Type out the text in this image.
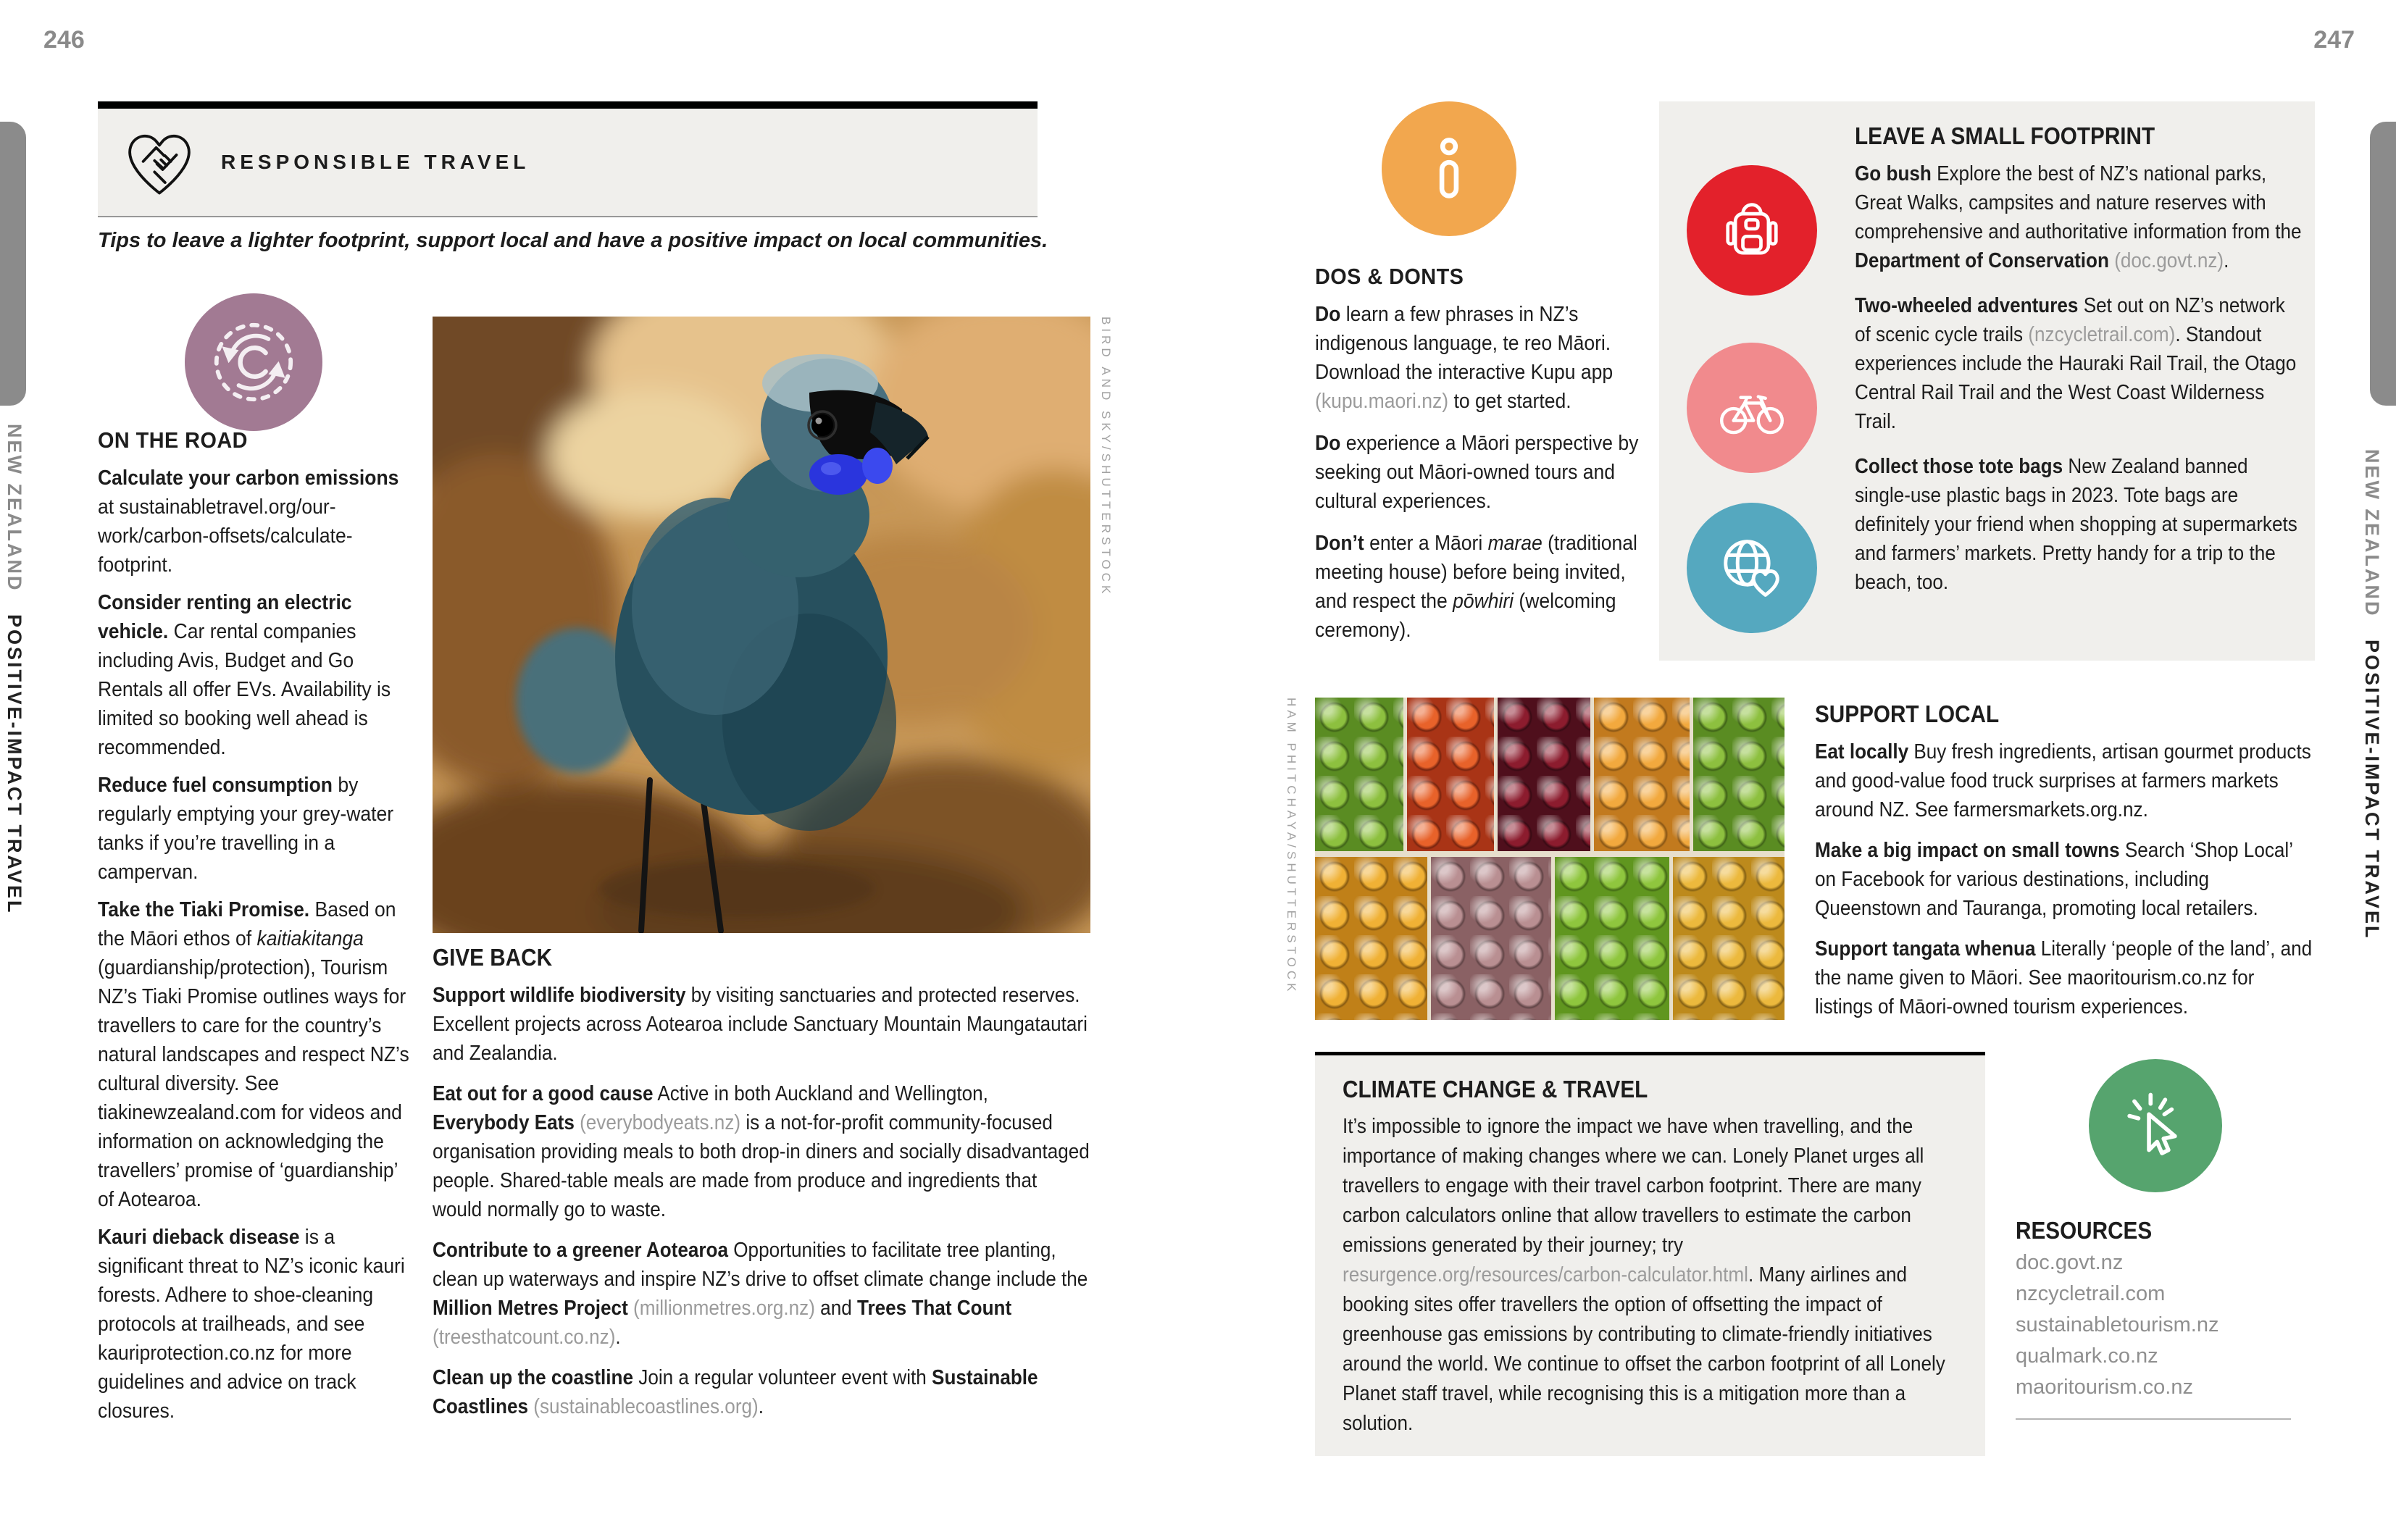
246	247
NEW ZEALAND POSITIVE-IMPACT TRAVEL
NEW ZEALAND POSITIVE-IMPACT TRAVEL
RESPONSIBLE TRAVEL
Tips to leave a lighter footprint, support local and have a positive impact on local communities.
ON THE ROAD

Calculate your carbon emissions at sustainabletravel.org/our-work/carbon-offsets/calculate-footprint.

Consider renting an electric vehicle. Car rental companies including Avis, Budget and Go Rentals all offer EVs. Availability is limited so booking well ahead is recommended.

Reduce fuel consumption by regularly emptying your grey-water tanks if you’re travelling in a campervan.

Take the Tiaki Promise. Based on the Māori ethos of kaitiakitanga (guardianship/protection), Tourism NZ’s Tiaki Promise outlines ways for travellers to care for the country’s natural landscapes and respect NZ’s cultural diversity. See tiakinewzealand.com for videos and information on acknowledging the travellers’ promise of ‘guardianship’ of Aotearoa.

Kauri dieback disease is a significant threat to NZ’s iconic kauri forests. Adhere to shoe-cleaning protocols at trailheads, and see kauriprotection.co.nz for more guidelines and advice on track closures.

BIRD AND SKY/SHUTTERSTOCK
GIVE BACK

Support wildlife biodiversity by visiting sanctuaries and protected reserves. Excellent projects across Aotearoa include Sanctuary Mountain Maungatautari and Zealandia.

Eat out for a good cause Active in both Auckland and Wellington, Everybody Eats (everybodyeats.nz) is a not-for-profit community-focused organisation providing meals to both drop-in diners and socially disadvantaged people. Shared-table meals are made from produce and ingredients that would normally go to waste.

Contribute to a greener Aotearoa Opportunities to facilitate tree planting, clean up waterways and inspire NZ’s drive to offset climate change include the Million Metres Project (millionmetres.org.nz) and Trees That Count (treesthatcount.co.nz).

Clean up the coastline Join a regular volunteer event with Sustainable Coastlines (sustainablecoastlines.org).

DOS & DONTS

Do learn a few phrases in NZ’s indigenous language, te reo Māori. Download the interactive Kupu app (kupu.maori.nz) to get started.

Do experience a Māori perspective by seeking out Māori-owned tours and cultural experiences.

Don’t enter a Māori marae (traditional meeting house) before being invited, and respect the pōwhiri (welcoming ceremony).

LEAVE A SMALL FOOTPRINT

Go bush Explore the best of NZ’s national parks, Great Walks, campsites and nature reserves with comprehensive and authoritative information from the Department of Conservation (doc.govt.nz).

Two-wheeled adventures Set out on NZ’s network of scenic cycle trails (nzcycletrail.com). Standout experiences include the Hauraki Rail Trail, the Otago Central Rail Trail and the West Coast Wilderness Trail.

Collect those tote bags New Zealand banned single-use plastic bags in 2023. Tote bags are definitely your friend when shopping at supermarkets and farmers’ markets. Pretty handy for a trip to the beach, too.

HAM PHITCHAYA/SHUTTERSTOCK	SUPPORT LOCAL

Eat locally Buy fresh ingredients, artisan gourmet products and good-value food truck surprises at farmers markets around NZ. See farmersmarkets.org.nz.

Make a big impact on small towns Search ‘Shop Local’ on Facebook for various destinations, including Queenstown and Tauranga, promoting local retailers.

Support tangata whenua Literally ‘people of the land’, and the name given to Māori. See maoritourism.co.nz for listings of Māori-owned tourism experiences.

CLIMATE CHANGE & TRAVEL

It’s impossible to ignore the impact we have when travelling, and the importance of making changes where we can. Lonely Planet urges all travellers to engage with their travel carbon footprint. There are many carbon calculators online that allow travellers to estimate the carbon emissions generated by their journey; try resurgence.org/resources/carbon-calculator.html. Many airlines and booking sites offer travellers the option of offsetting the impact of greenhouse gas emissions by contributing to climate-friendly initiatives around the world. We continue to offset the carbon footprint of all Lonely Planet staff travel, while recognising this is a mitigation more than a solution.

RESOURCES
doc.govt.nz
nzcycletrail.com
sustainabletourism.nz
qualmark.co.nz
maoritourism.co.nz
